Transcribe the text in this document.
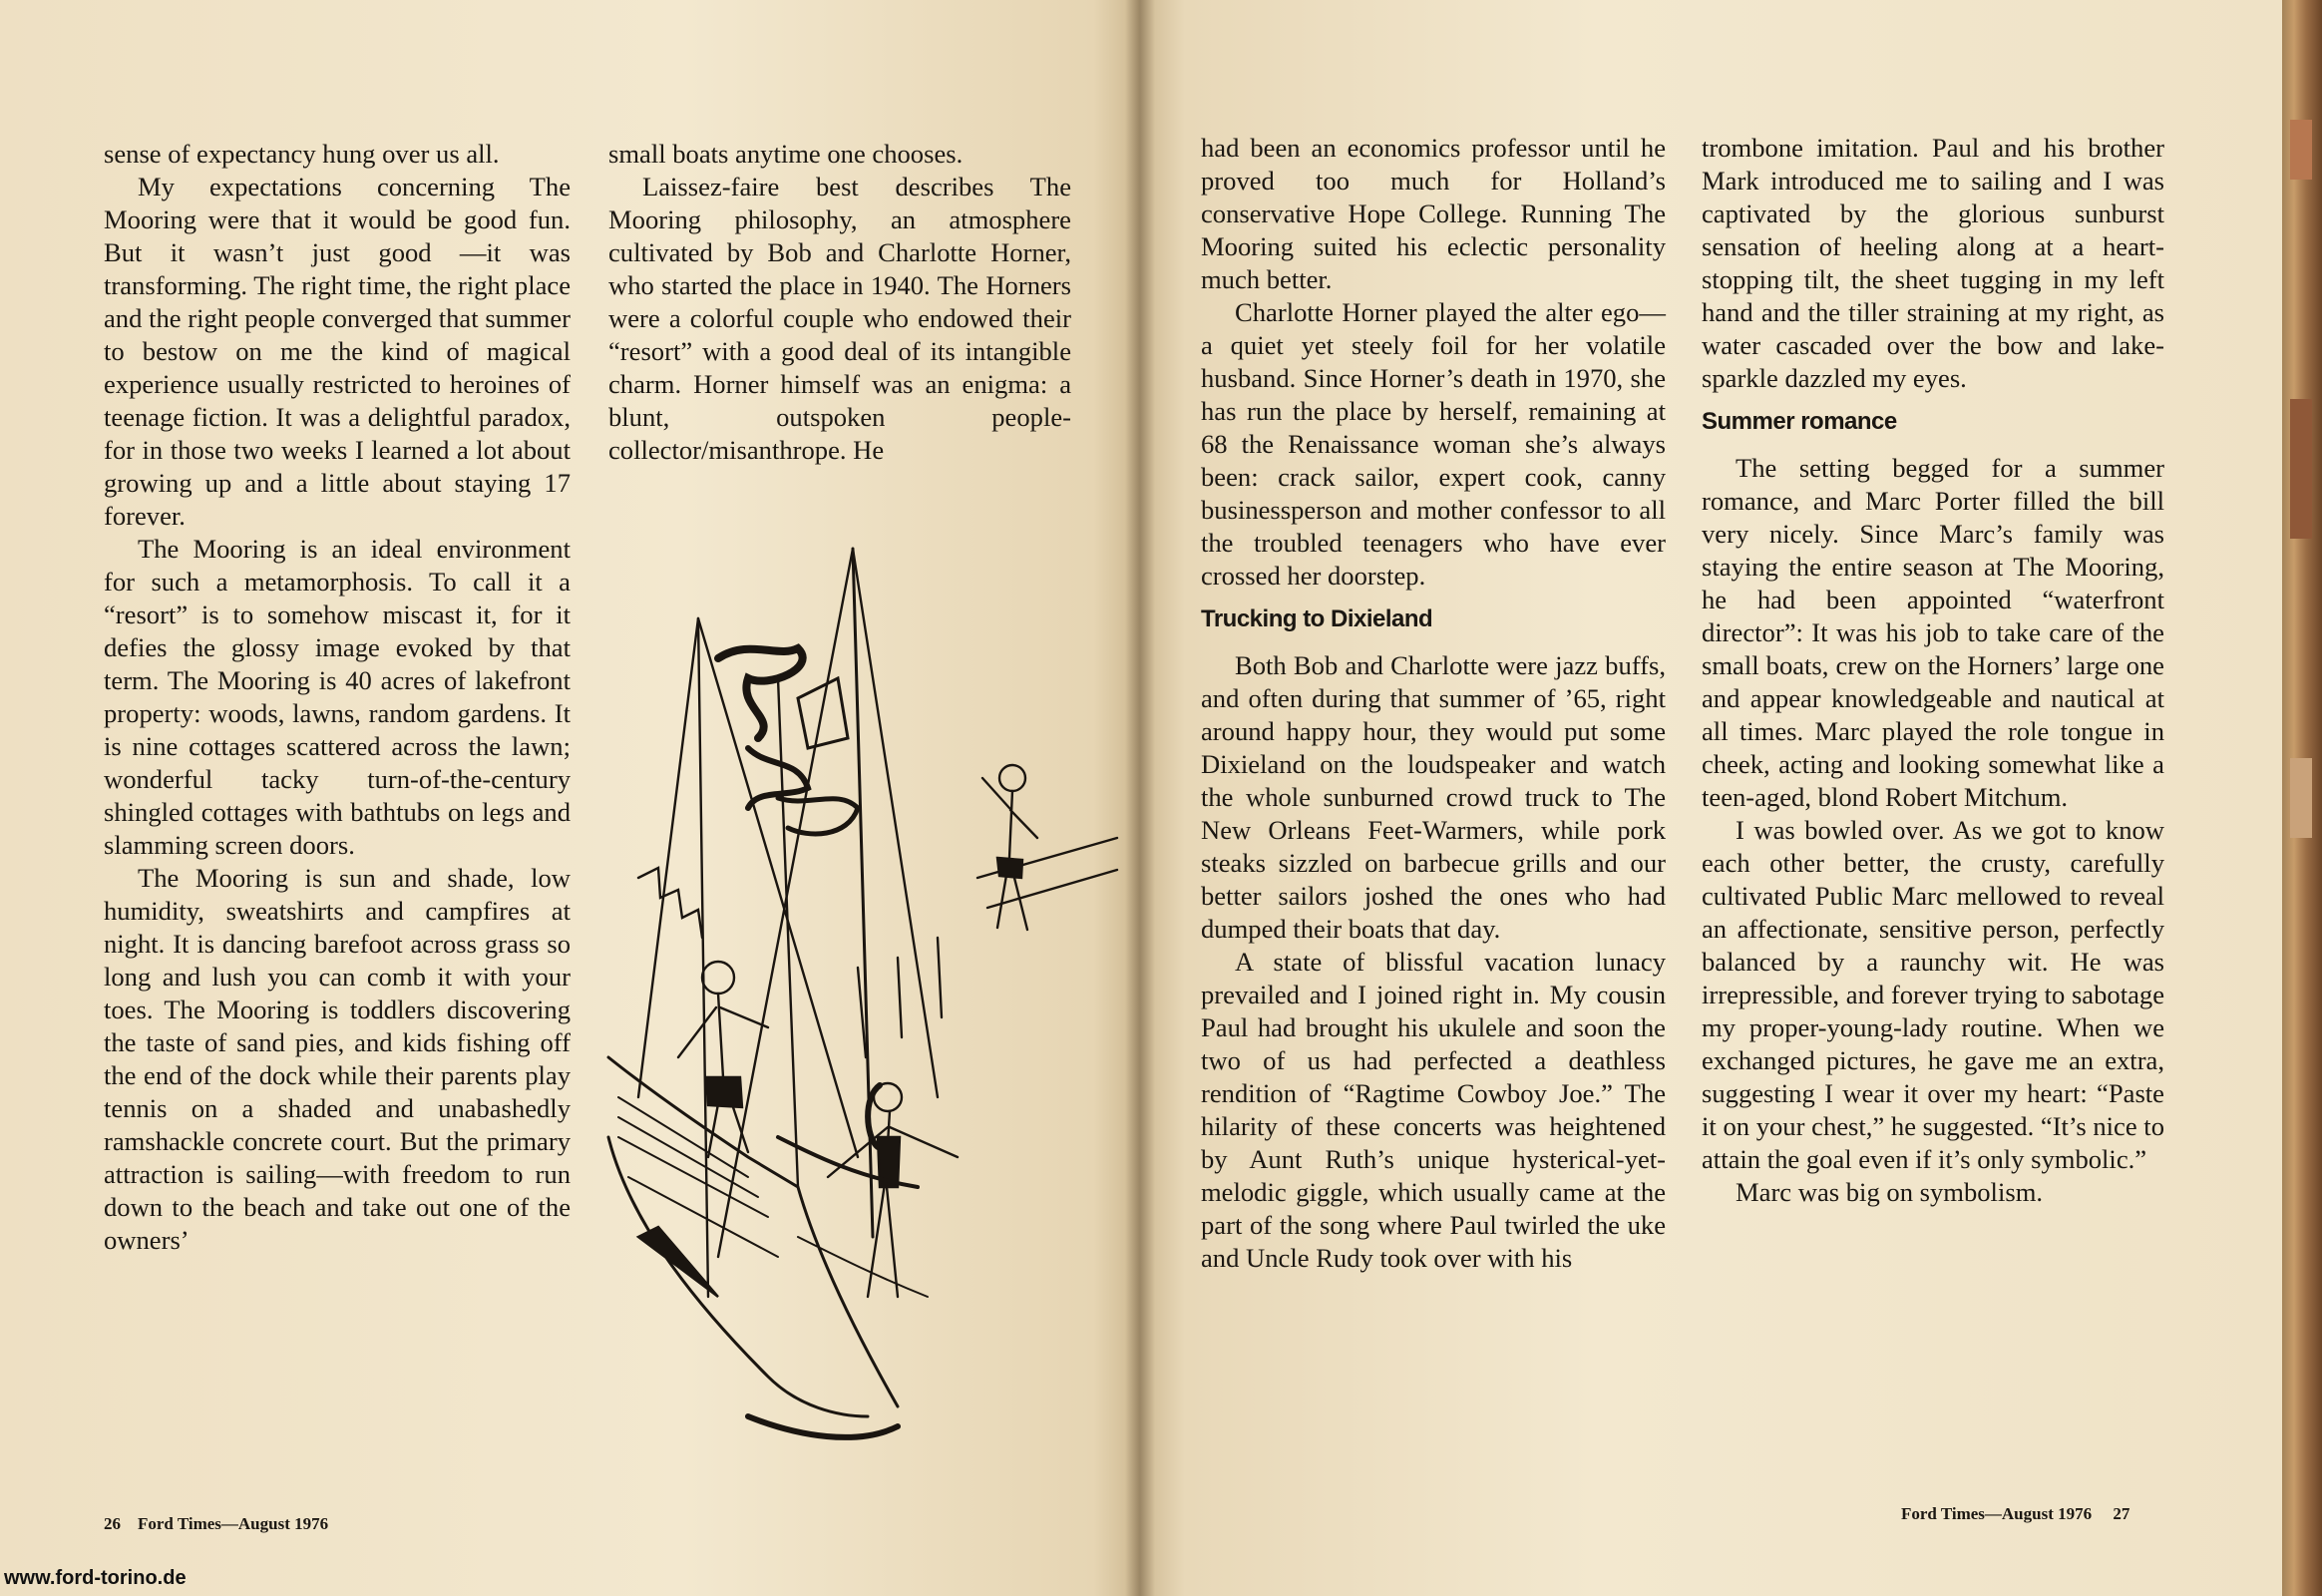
sense of expectancy hung over us all.

My expectations concerning The Mooring were that it would be good fun. But it wasn’t just good —it was transforming. The right time, the right place and the right people converged that summer to bestow on me the kind of magical experience usually restricted to heroines of teenage fiction. It was a delightful paradox, for in those two weeks I learned a lot about growing up and a little about staying 17 forever.

The Mooring is an ideal environment for such a metamorphosis. To call it a “resort” is to somehow miscast it, for it defies the glossy image evoked by that term. The Mooring is 40 acres of lakefront property: woods, lawns, random gardens. It is nine cottages scattered across the lawn; wonderful tacky turn-of-the-century shingled cottages with bathtubs on legs and slamming screen doors.

The Mooring is sun and shade, low humidity, sweatshirts and campfires at night. It is dancing barefoot across grass so long and lush you can comb it with your toes. The Mooring is toddlers discovering the taste of sand pies, and kids fishing off the end of the dock while their parents play tennis on a shaded and unabashedly ramshackle concrete court. But the primary attraction is sailing—with freedom to run down to the beach and take out one of the owners’

small boats anytime one chooses.

Laissez-faire best describes The Mooring philosophy, an atmosphere cultivated by Bob and Charlotte Horner, who started the place in 1940. The Horners were a colorful couple who endowed their “resort” with a good deal of its intangible charm. Horner himself was an enigma: a blunt, outspoken people-collector/misanthrope. He

had been an economics professor until he proved too much for Holland’s conservative Hope College. Running The Mooring suited his eclectic personality much better.

Charlotte Horner played the alter ego—a quiet yet steely foil for her volatile husband. Since Horner’s death in 1970, she has run the place by herself, remaining at 68 the Renaissance woman she’s always been: crack sailor, expert cook, canny businessperson and mother confessor to all the troubled teenagers who have ever crossed her doorstep.

Trucking to Dixieland

Both Bob and Charlotte were jazz buffs, and often during that summer of ’65, right around happy hour, they would put some Dixieland on the loudspeaker and watch the whole sunburned crowd truck to The New Orleans Feet-Warmers, while pork steaks sizzled on barbecue grills and our better sailors joshed the ones who had dumped their boats that day.

A state of blissful vacation lunacy prevailed and I joined right in. My cousin Paul had brought his ukulele and soon the two of us had perfected a deathless rendition of “Ragtime Cowboy Joe.” The hilarity of these concerts was heightened by Aunt Ruth’s unique hysterical-yet-melodic giggle, which usually came at the part of the song where Paul twirled the uke and Uncle Rudy took over with his

trombone imitation. Paul and his brother Mark introduced me to sailing and I was captivated by the glorious sunburst sensation of heeling along at a heart-stopping tilt, the sheet tugging in my left hand and the tiller straining at my right, as water cascaded over the bow and lake-sparkle dazzled my eyes.

Summer romance

The setting begged for a summer romance, and Marc Porter filled the bill very nicely. Since Marc’s family was staying the entire season at The Mooring, he had been appointed “waterfront director”: It was his job to take care of the small boats, crew on the Horners’ large one and appear knowledgeable and nautical at all times. Marc played the role tongue in cheek, acting and looking somewhat like a teen-aged, blond Robert Mitchum.

I was bowled over. As we got to know each other better, the crusty, carefully cultivated Public Marc mellowed to reveal an affectionate, sensitive person, perfectly balanced by a raunchy wit. He was irrepressible, and forever trying to sabotage my proper-young-lady routine. When we exchanged pictures, he gave me an extra, suggesting I wear it over my heart: “Paste it on your chest,” he suggested. “It’s nice to attain the goal even if it’s only symbolic.”

Marc was big on symbolism.

26 Ford Times—August 1976
Ford Times—August 1976 27
www.ford-torino.de
